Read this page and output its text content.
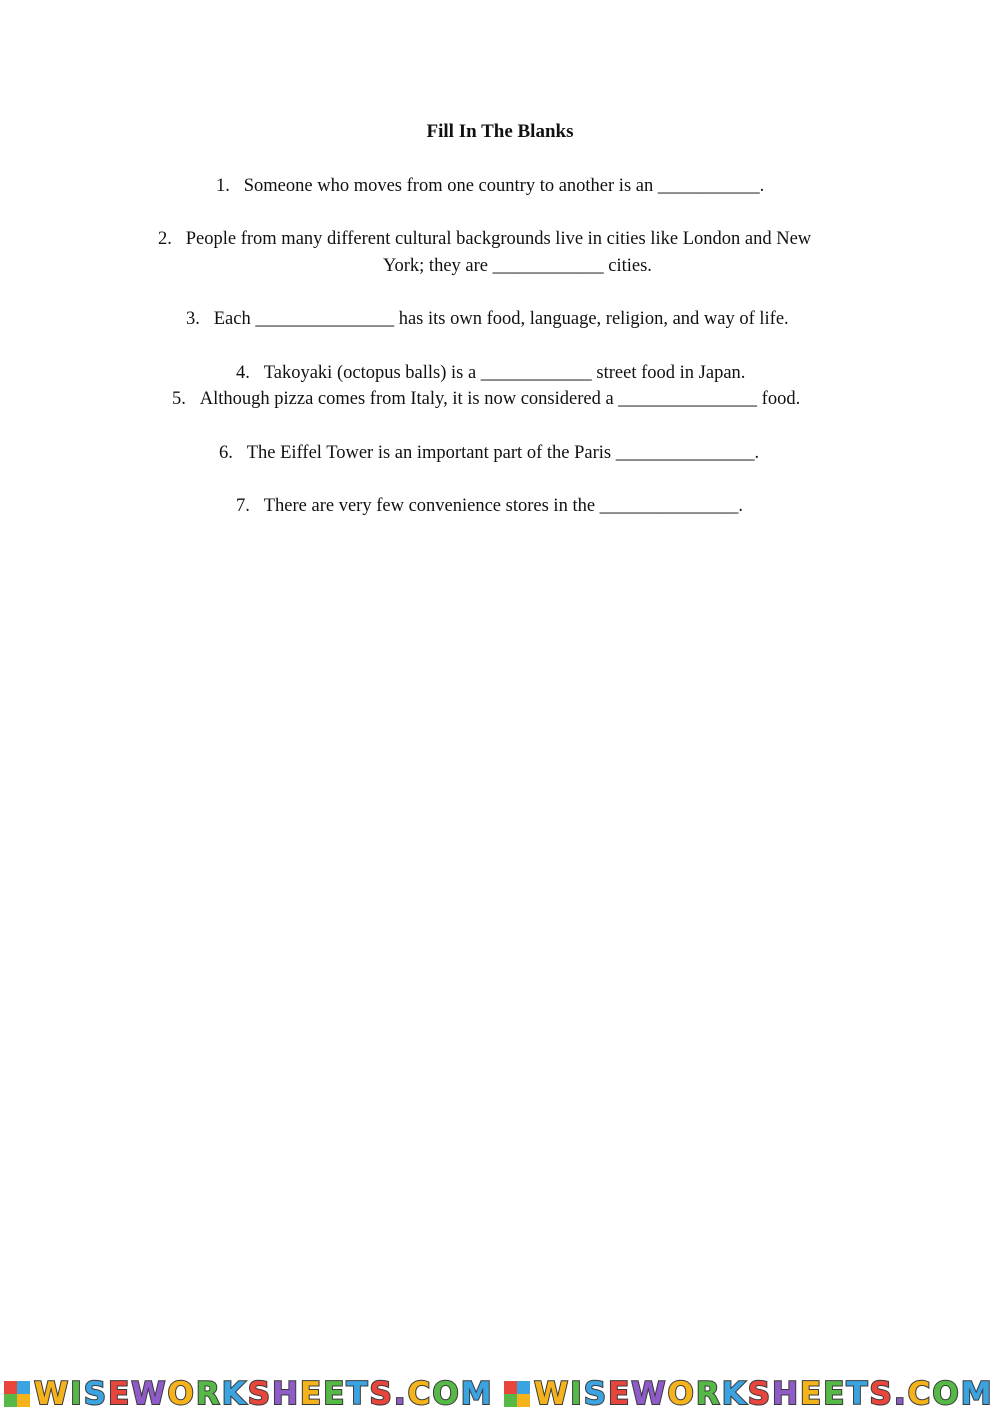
Fill In The Blanks
1. Someone who moves from one country to another is an ___________.
2. People from many different cultural backgrounds live in cities like London and New
York; they are ____________ cities.
3. Each _______________ has its own food, language, religion, and way of life.
4. Takoyaki (octopus balls) is a ____________ street food in Japan.
5. Although pizza comes from Italy, it is now considered a _______________ food.
6. The Eiffel Tower is an important part of the Paris _______________.
7. There are very few convenience stores in the _______________.
WISEWORKSHEETS.COM WISEWORKSHEETS.COM
